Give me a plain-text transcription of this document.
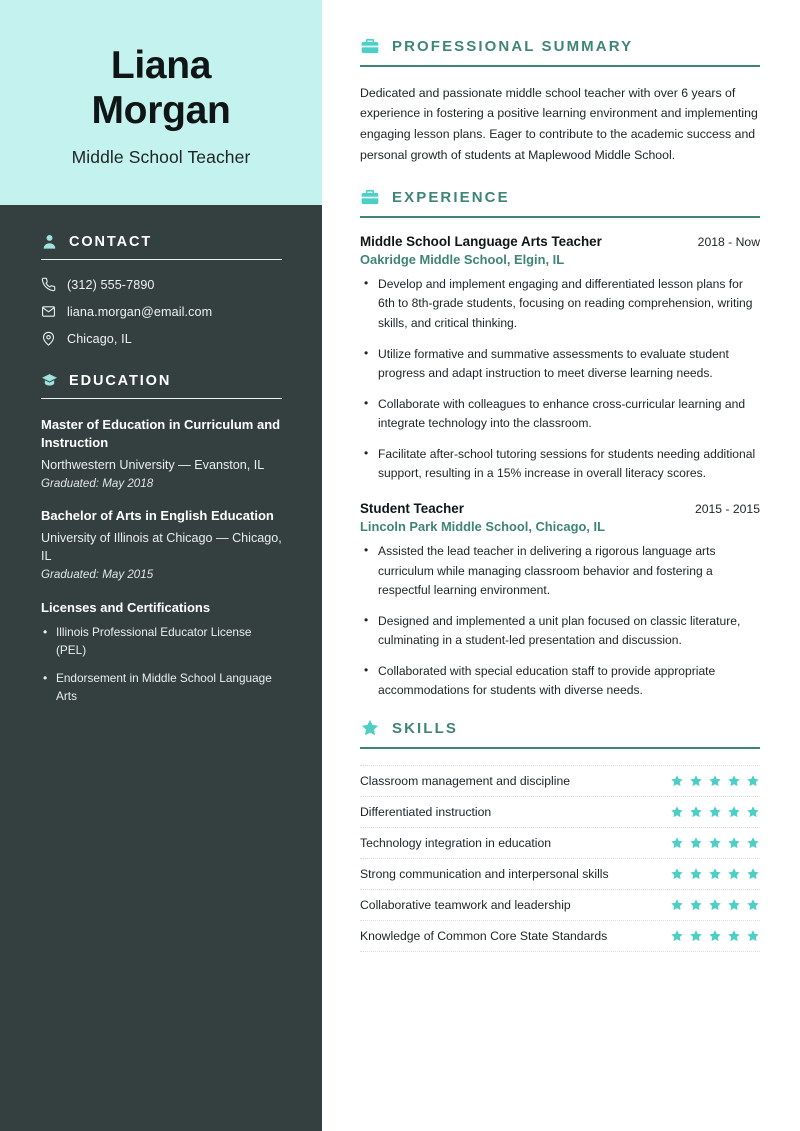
Liana
Morgan
Middle School Teacher
CONTACT
(312) 555-7890
liana.morgan@email.com
Chicago, IL
EDUCATION
Master of Education in Curriculum and Instruction
Northwestern University — Evanston, IL
Graduated: May 2018
Bachelor of Arts in English Education
University of Illinois at Chicago — Chicago, IL
Graduated: May 2015
Licenses and Certifications
• Illinois Professional Educator License (PEL)
• Endorsement in Middle School Language Arts
PROFESSIONAL SUMMARY

Dedicated and passionate middle school teacher with over 6 years of experience in fostering a positive learning environment and implementing engaging lesson plans. Eager to contribute to the academic success and personal growth of students at Maplewood Middle School.

EXPERIENCE
Middle School Language Arts Teacher	2018 - Now
Oakridge Middle School, Elgin, IL
• Develop and implement engaging and differentiated lesson plans for 6th to 8th-grade students, focusing on reading comprehension, writing skills, and critical thinking.
• Utilize formative and summative assessments to evaluate student progress and adapt instruction to meet diverse learning needs.
• Collaborate with colleagues to enhance cross-curricular learning and integrate technology into the classroom.
• Facilitate after-school tutoring sessions for students needing additional support, resulting in a 15% increase in overall literacy scores.
Student Teacher	2015 - 2015
Lincoln Park Middle School, Chicago, IL
• Assisted the lead teacher in delivering a rigorous language arts curriculum while managing classroom behavior and fostering a respectful learning environment.
• Designed and implemented a unit plan focused on classic literature, culminating in a student-led presentation and discussion.
• Collaborated with special education staff to provide appropriate accommodations for students with diverse needs.
SKILLS
Classroom management and discipline
Differentiated instruction
Technology integration in education
Strong communication and interpersonal skills
Collaborative teamwork and leadership
Knowledge of Common Core State Standards
